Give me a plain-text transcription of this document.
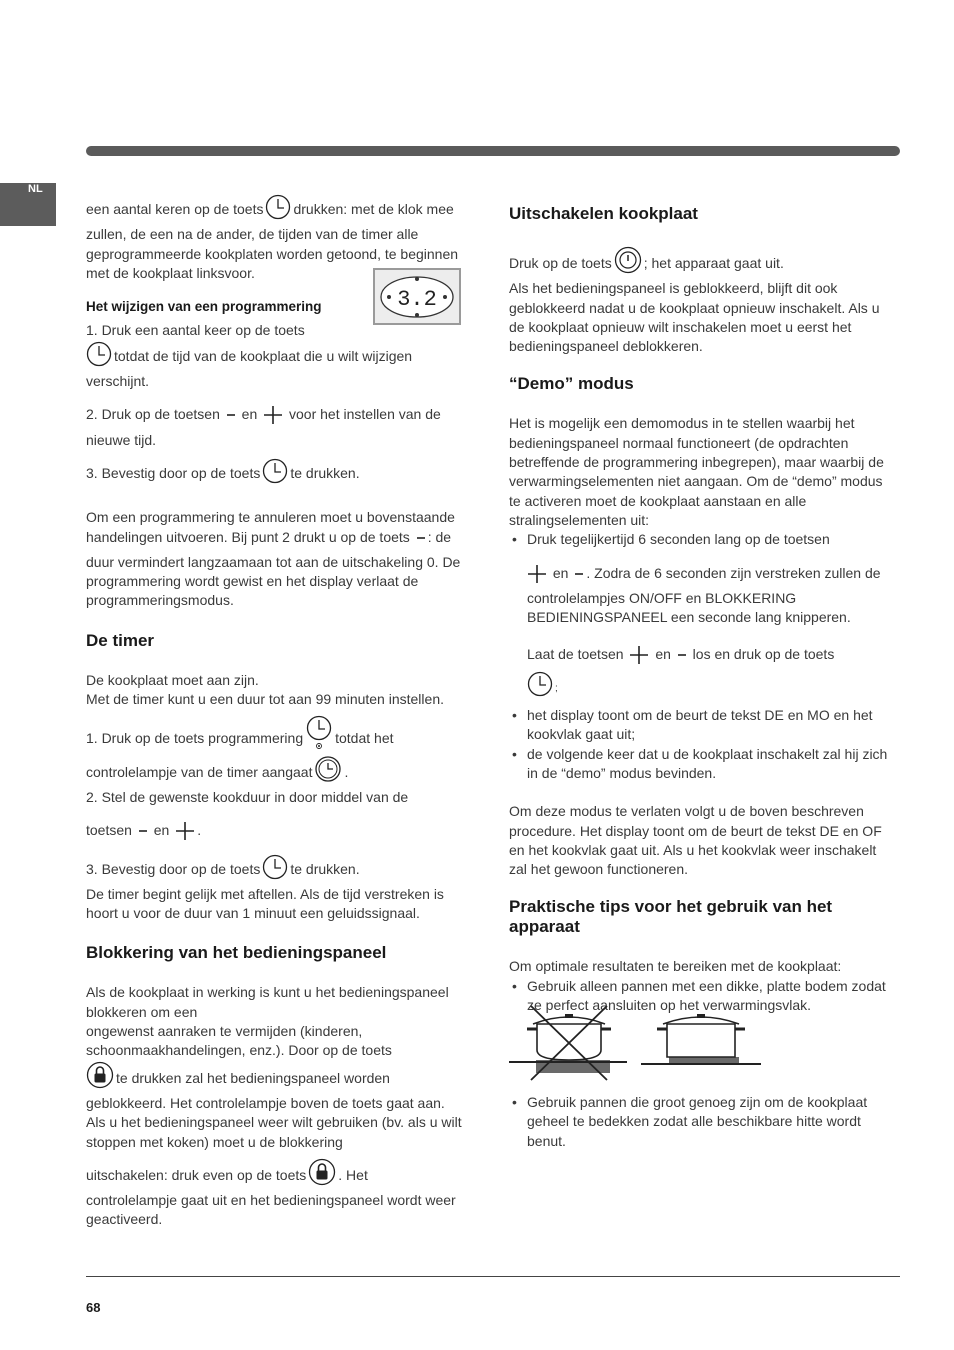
NL
3.2

een aantal keren op de toets drukken: met de klok mee zullen, de een na de ander, de tijden van de timer alle geprogrammeerde kookplaten worden getoond, te beginnen met de kookplaat linksvoor.

Het wijzigen van een programmering

1. Druk een aantal keer op de toets
totdat de tijd van de kookplaat die u wilt wijzigen verschijnt.

2. Druk op de toetsen en voor het instellen van de nieuwe tijd.

3. Bevestig door op de toets te drukken.

Om een programmering te annuleren moet u bovenstaande handelingen uitvoeren. Bij punt 2 drukt u op de toets : de duur vermindert langzaamaan tot aan de uitschakeling 0. De programmering wordt gewist en het display verlaat de programmeringsmodus.

De timer

De kookplaat moet aan zijn.

Met de timer kunt u een duur tot aan 99 minuten instellen.

1. Druk op de toets programmering totdat het
controlelampje van de timer aangaat .
2. Stel de gewenste kookduur in door middel van de

toetsen en .

3. Bevestig door op de toets te drukken.
De timer begint gelijk met aftellen. Als de tijd verstreken is hoort u voor de duur van 1 minuut een geluidssignaal.

Blokkering van het bedieningspaneel

Als de kookplaat in werking is kunt u het bedieningspaneel blokkeren om een

ongewenst aanraken te vermijden (kinderen, schoonmaakhandelingen, enz.). Door op de toets
te drukken zal het bedieningspaneel worden geblokkeerd. Het controlelampje boven de toets gaat aan.

Als u het bedieningspaneel weer wilt gebruiken (bv. als u wilt stoppen met koken) moet u de blokkering

uitschakelen: druk even op de toets . Het

controlelampje gaat uit en het bedieningspaneel wordt weer geactiveerd.

Uitschakelen kookplaat

Druk op de toets ; het apparaat gaat uit.

Als het bedieningspaneel is geblokkeerd, blijft dit ook geblokkeerd nadat u de kookplaat opnieuw inschakelt. Als u de kookplaat opnieuw wilt inschakelen moet u eerst het bedieningspaneel deblokkeren.

“Demo” modus

Het is mogelijk een demomodus in te stellen waarbij het bedieningspaneel normaal functioneert (de opdrachten betreffende de programmering inbegrepen), maar waarbij de verwarmingselementen niet aangaan. Om de “demo” modus te activeren moet de kookplaat aanstaan en alle stralingselementen uit:

• Druk tegelijkertijd 6 seconden lang op de toetsen

en . Zodra de 6 seconden zijn verstreken zullen de controlelampjes ON/OFF en BLOKKERING BEDIENINGSPANEEL een seconde lang knipperen.

Laat de toetsen en los en druk op de toets
;

• het display toont om de beurt de tekst DE en MO en het kookvlak gaat uit;
• de volgende keer dat u de kookplaat inschakelt zal hij zich in de “demo” modus bevinden.

Om deze modus te verlaten volgt u de boven beschreven procedure. Het display toont om de beurt de tekst DE en OF en het kookvlak gaat uit. Als u het kookvlak weer inschakelt zal het gewoon functioneren.

Praktische tips voor het gebruik van het apparaat

Om optimale resultaten te bereiken met de kookplaat:

• Gebruik alleen pannen met een dikke, platte bodem zodat ze perfect aansluiten op het verwarmingsvlak.
• Gebruik pannen die groot genoeg zijn om de kookplaat geheel te bedekken zodat alle beschikbare hitte wordt benut.
68
